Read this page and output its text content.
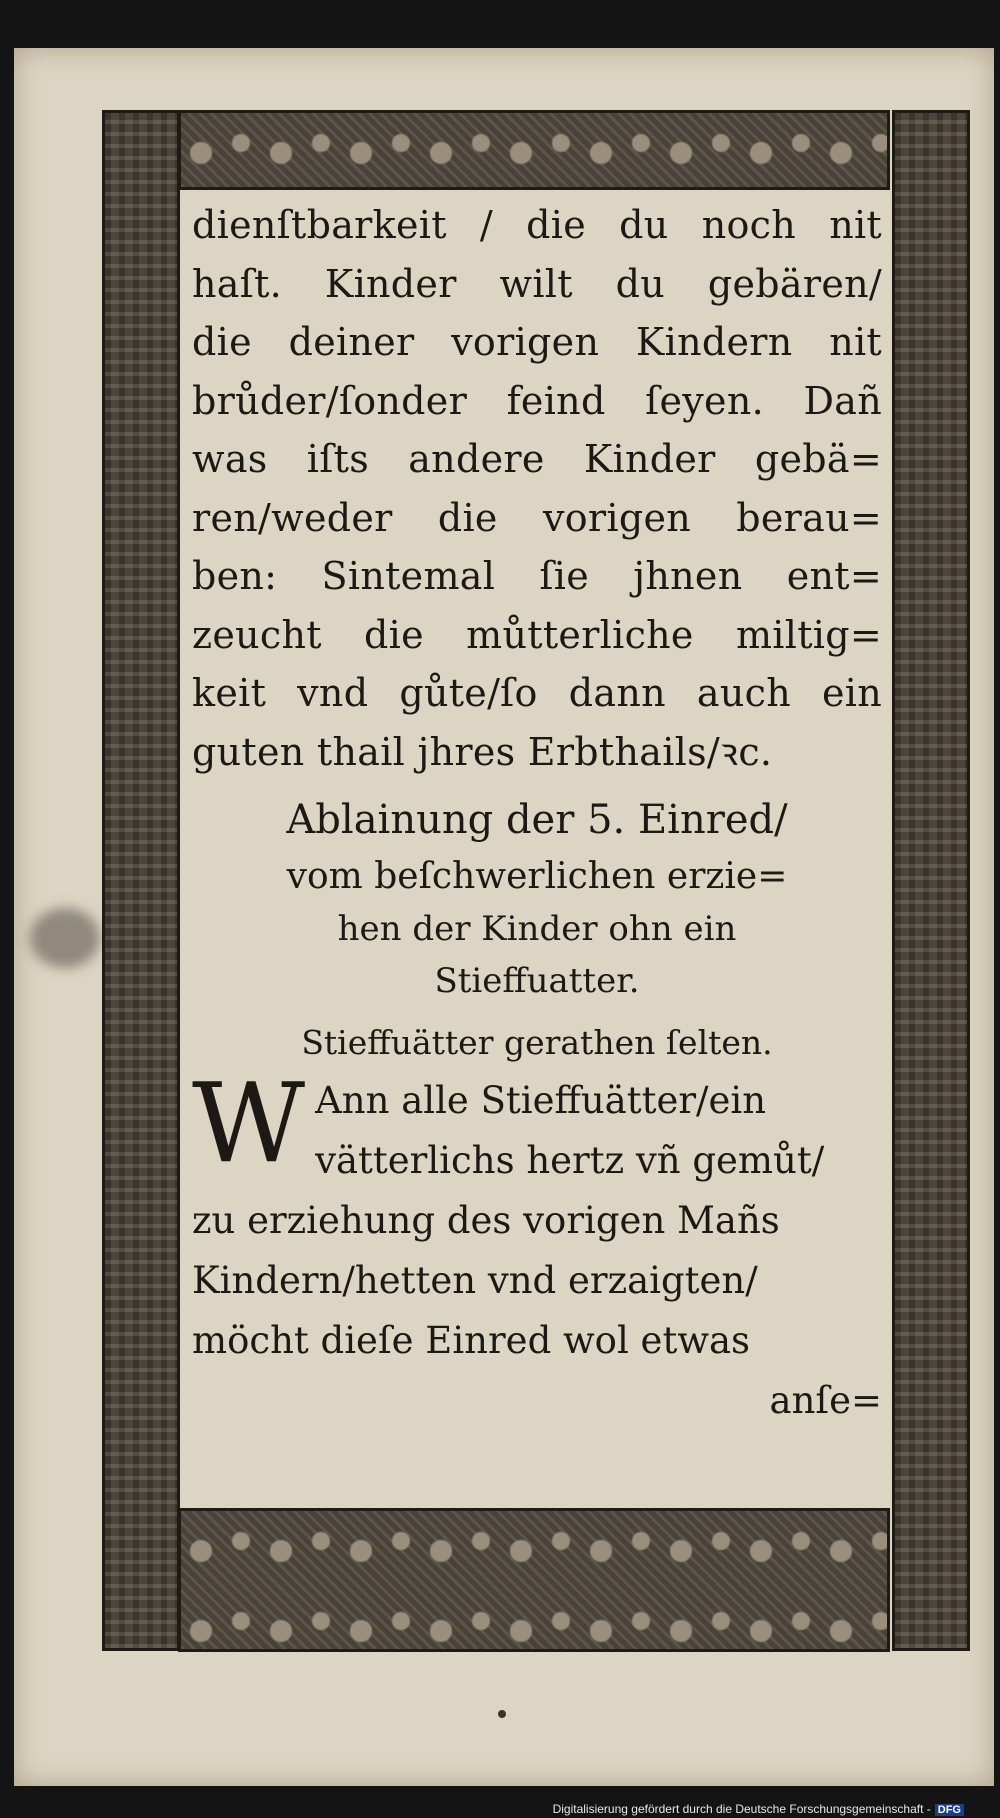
dienſtbarkeit / die du noch nit
haſt. Kinder wilt du gebären/
die deiner vorigen Kindern nit
brůder/ſonder feind ſeyen. Dañ
was iſts andere Kinder gebä=
ren/weder die vorigen berau=
ben: Sintemal ſie jhnen ent=
zeucht die můtterliche miltig=
keit vnd gůte/ſo dann auch ein
guten thail jhres Erbthails/ꝛc.
Ablainung der 5. Einred/
vom beſchwerlichen erzie=
hen der Kinder ohn ein
Stieffuatter.
Stieffuätter gerathen ſelten.
W Ann alle Stieffuätter/ein
vätterlichs hertz vñ gemůt/
zu erziehung des vorigen Mañs
Kindern/hetten vnd erzaigten/
möcht dieſe Einred wol etwas
anſe=
Digitalisierung gefördert durch die Deutsche Forschungsgemeinschaft - DFG
